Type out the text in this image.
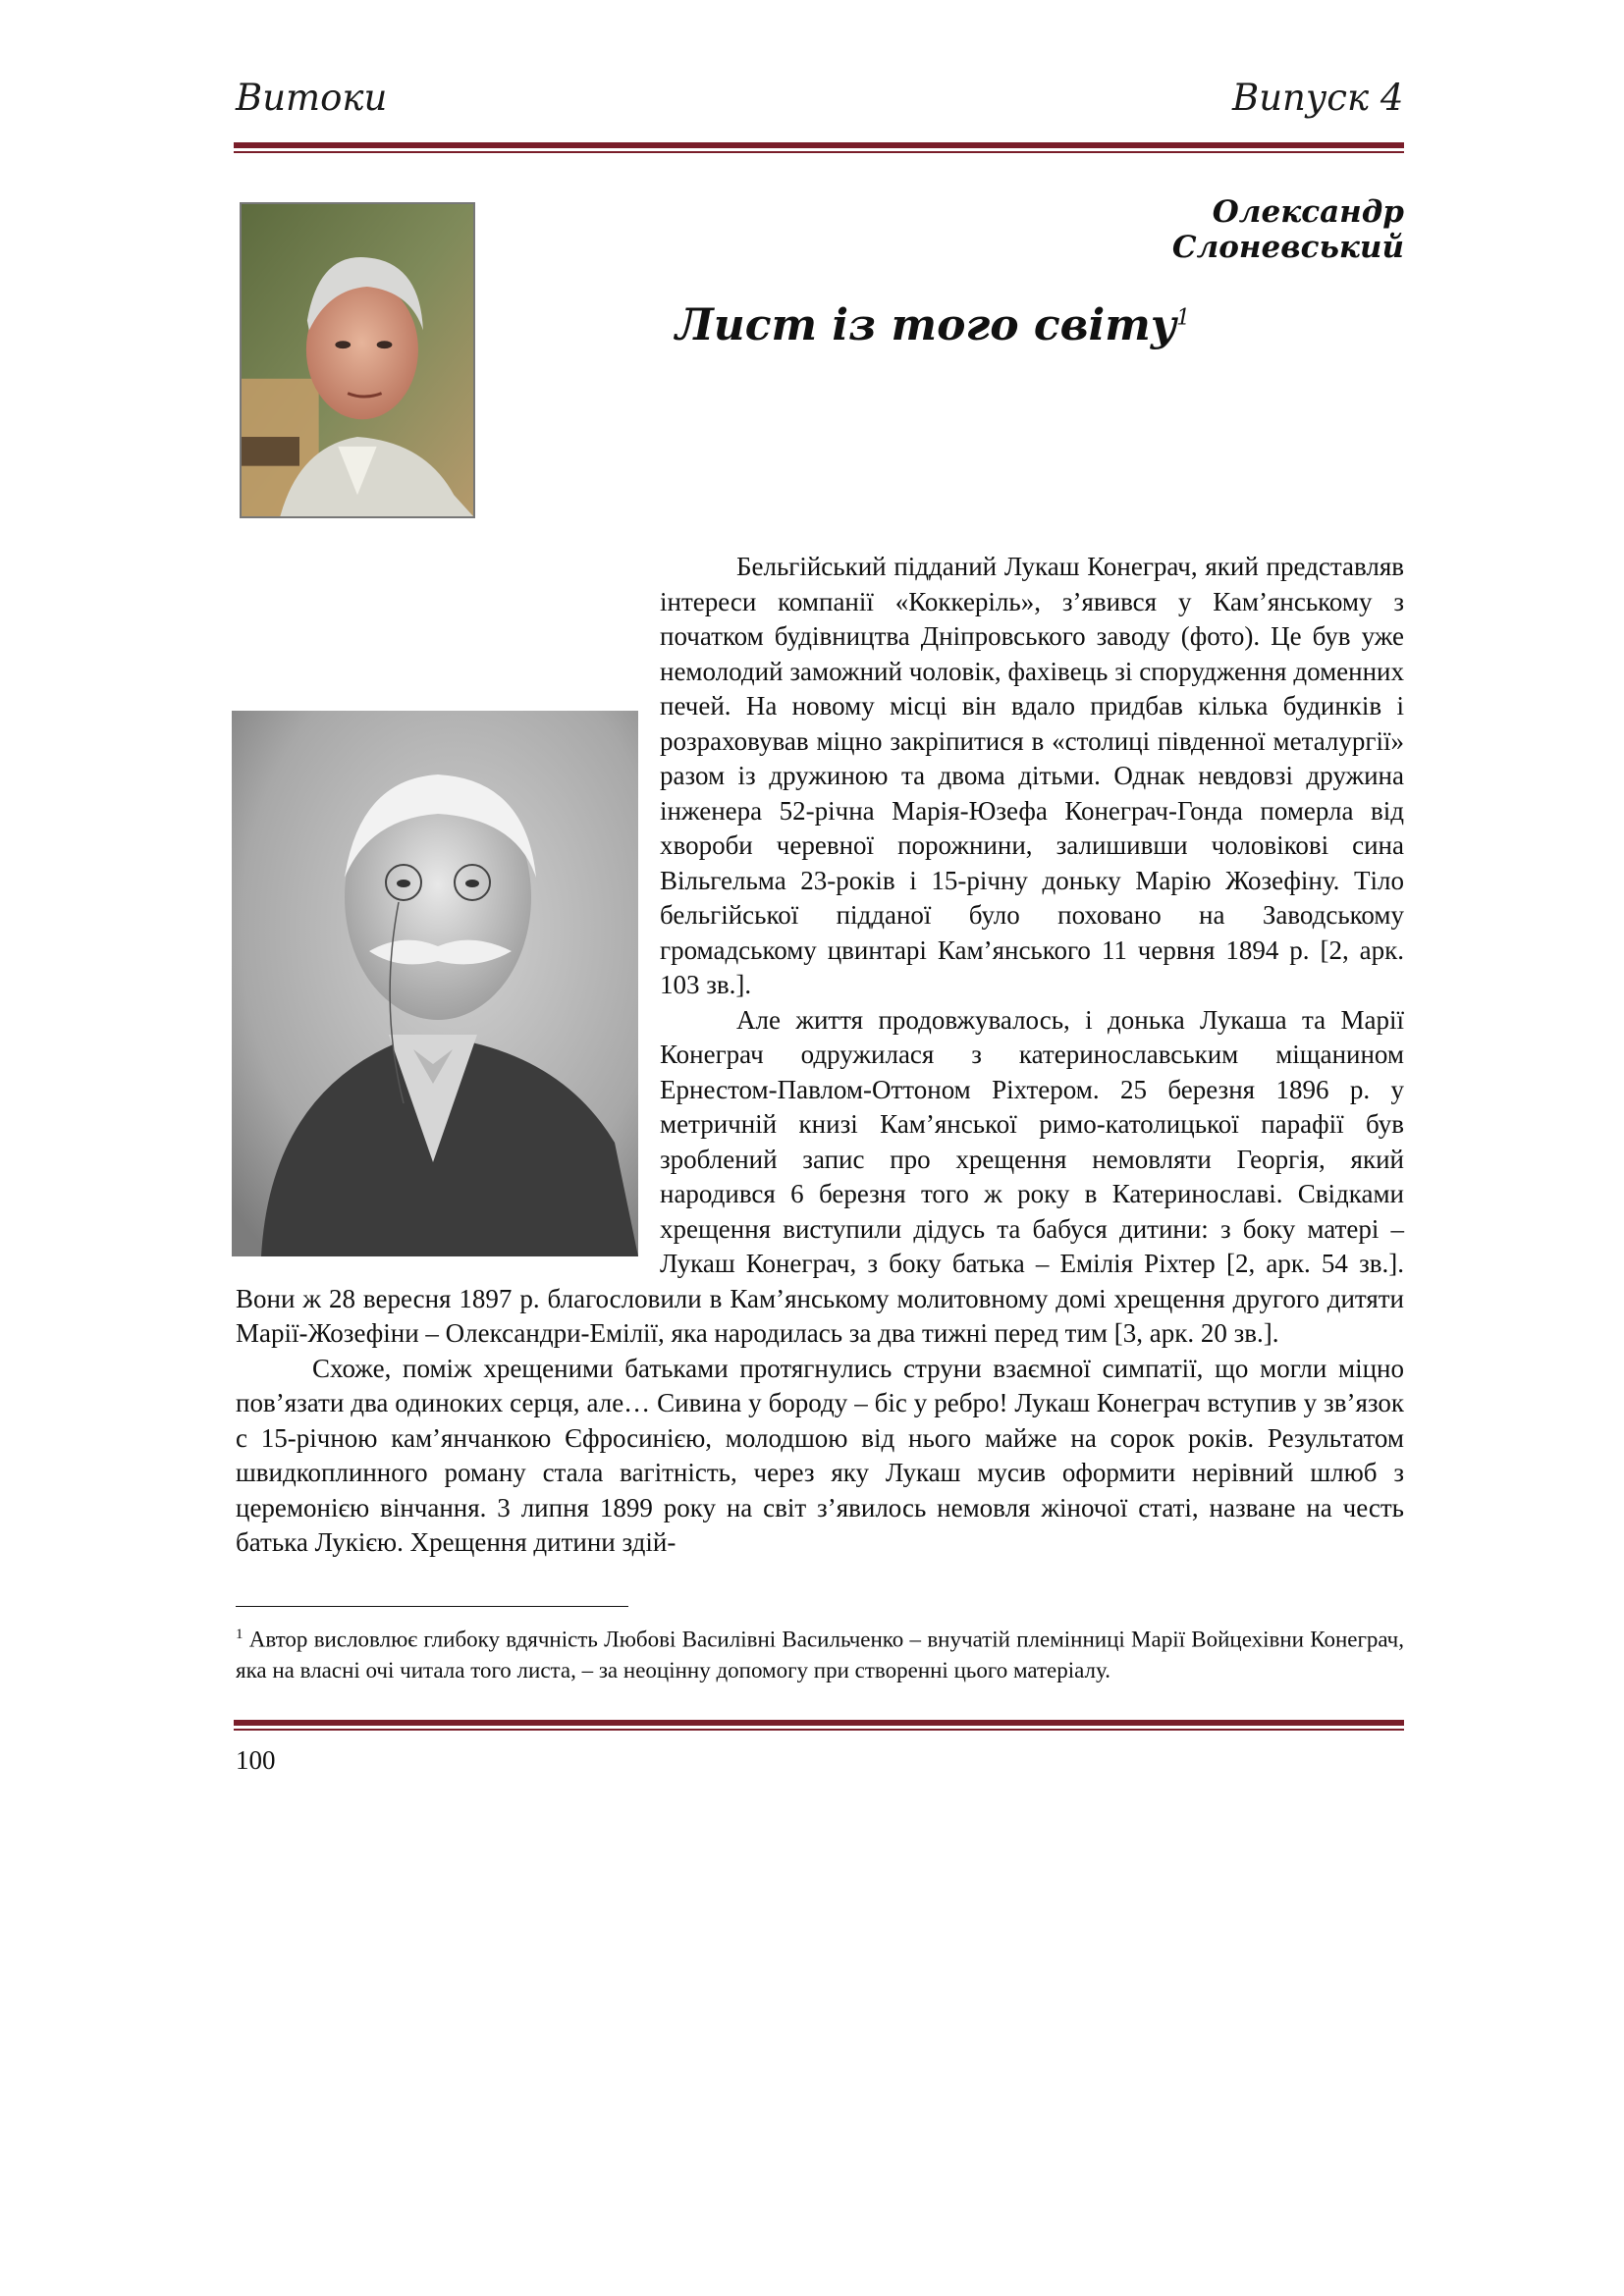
Витоки	Випуск 4
Олександр Слоневський
Лист із того світу$^1$

Бельгійський підданий Лукаш Конеграч, який представляв інтереси компанії «Коккеріль», з’явився у Кам’янському з початком будівництва Дніпровського заводу (фото). Це був уже немолодий заможний чоловік, фахівець зі спорудження доменних печей. На новому місці він вдало придбав кілька будинків і розраховував міцно закріпитися в «столиці південної металургії» разом із дружиною та двома дітьми. Однак невдовзі дружина інженера 52-річна Марія-Юзефа Конеграч-Гонда померла від хвороби черевної порожнини, залишивши чоловікові сина Вільгельма 23-років і 15-річну доньку Марію Жозефіну. Тіло бельгійської підданої було поховано на Заводському громадському цвинтарі Кам’янського 11 червня 1894 р. [2, арк. 103 зв.].

Але життя продовжувалось, і донька Лукаша та Марії Конеграч одружилася з катеринославським міщанином Ернестом-Павлом-Оттоном Ріхтером. 25 березня 1896 р. у метричній книзі Кам’янської римо-католицької парафії був зроблений запис про хрещення немовляти Георгія, який народився 6 березня того ж року в Катеринославі. Свідками хрещення виступили дідусь та бабуся дитини: з боку матері – Лукаш Конеграч, з боку батька – Емілія Ріхтер [2, арк. 54 зв.]. Вони ж 28 вересня 1897 р. благословили в Кам’янському молитовному домі хрещення другого дитяти Марії-Жозефіни – Олександри-Емілії, яка народилась за два тижні перед тим [3, арк. 20 зв.].

Схоже, поміж хрещеними батьками протягнулись струни взаємної симпатії, що могли міцно пов’язати два одиноких серця, але… Сивина у бороду – біс у ребро! Лукаш Конеграч вступив у зв’язок с 15-річною кам’янчанкою Єфросинією, молодшою від нього майже на сорок років. Результатом швидкоплинного роману стала вагітність, через яку Лукаш мусив оформити нерівний шлюб з церемонією вінчання. 3 липня 1899 року на світ з’явилось немовля жіночої статі, назване на честь батька Лукією. Хрещення дитини здій-

$^1$ Автор висловлює глибоку вдячність Любові Василівні Васильченко – внучатій племінниці Марії Войцехівни Конеграч, яка на власні очі читала того листа, – за неоцінну допомогу при створенні цього матеріалу.
100
